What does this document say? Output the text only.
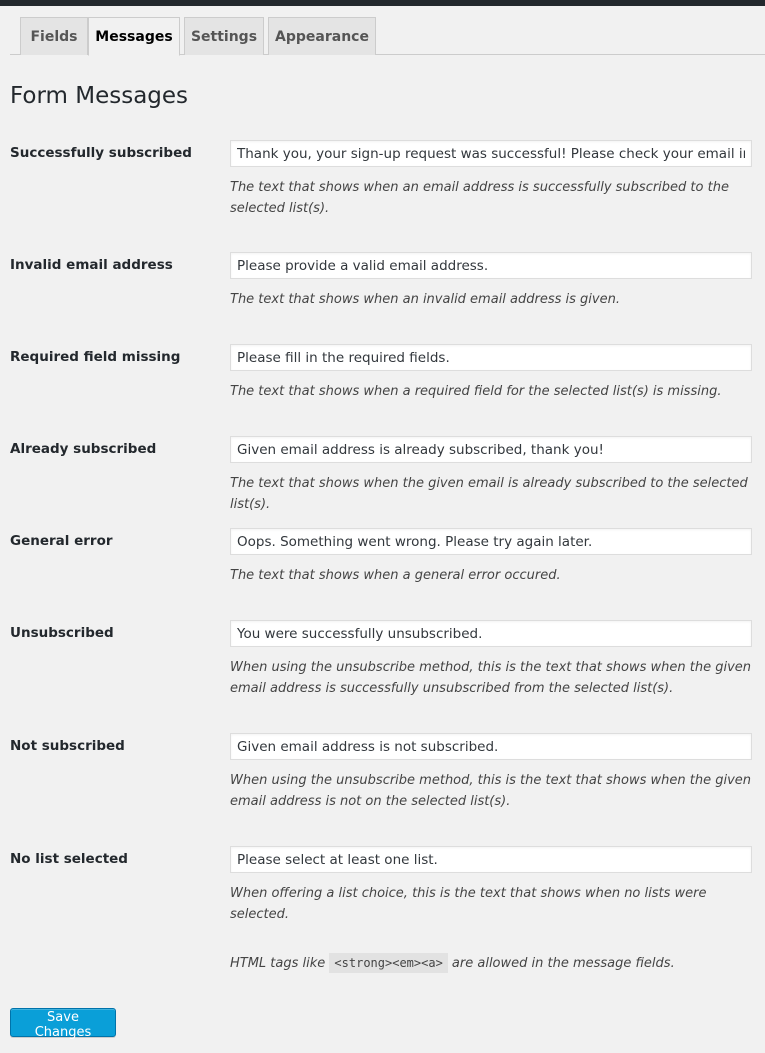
Fields	Messages	Settings	Appearance
Form Messages
Successfully subscribed
Thank you, your sign-up request was successful! Please check your email inbox

The text that shows when an email address is successfully subscribed to the selected list(s).

Invalid email address
Please provide a valid email address.

The text that shows when an invalid email address is given.

Required field missing
Please fill in the required fields.

The text that shows when a required field for the selected list(s) is missing.

Already subscribed
Given email address is already subscribed, thank you!

The text that shows when the given email is already subscribed to the selected list(s).

General error
Oops. Something went wrong. Please try again later.

The text that shows when a general error occured.

Unsubscribed
You were successfully unsubscribed.

When using the unsubscribe method, this is the text that shows when the given email address is successfully unsubscribed from the selected list(s).

Not subscribed
Given email address is not subscribed.

When using the unsubscribe method, this is the text that shows when the given email address is not on the selected list(s).

No list selected
Please select at least one list.

When offering a list choice, this is the text that shows when no lists were selected.

HTML tags like <strong><em><a> are allowed in the message fields.

Save Changes
